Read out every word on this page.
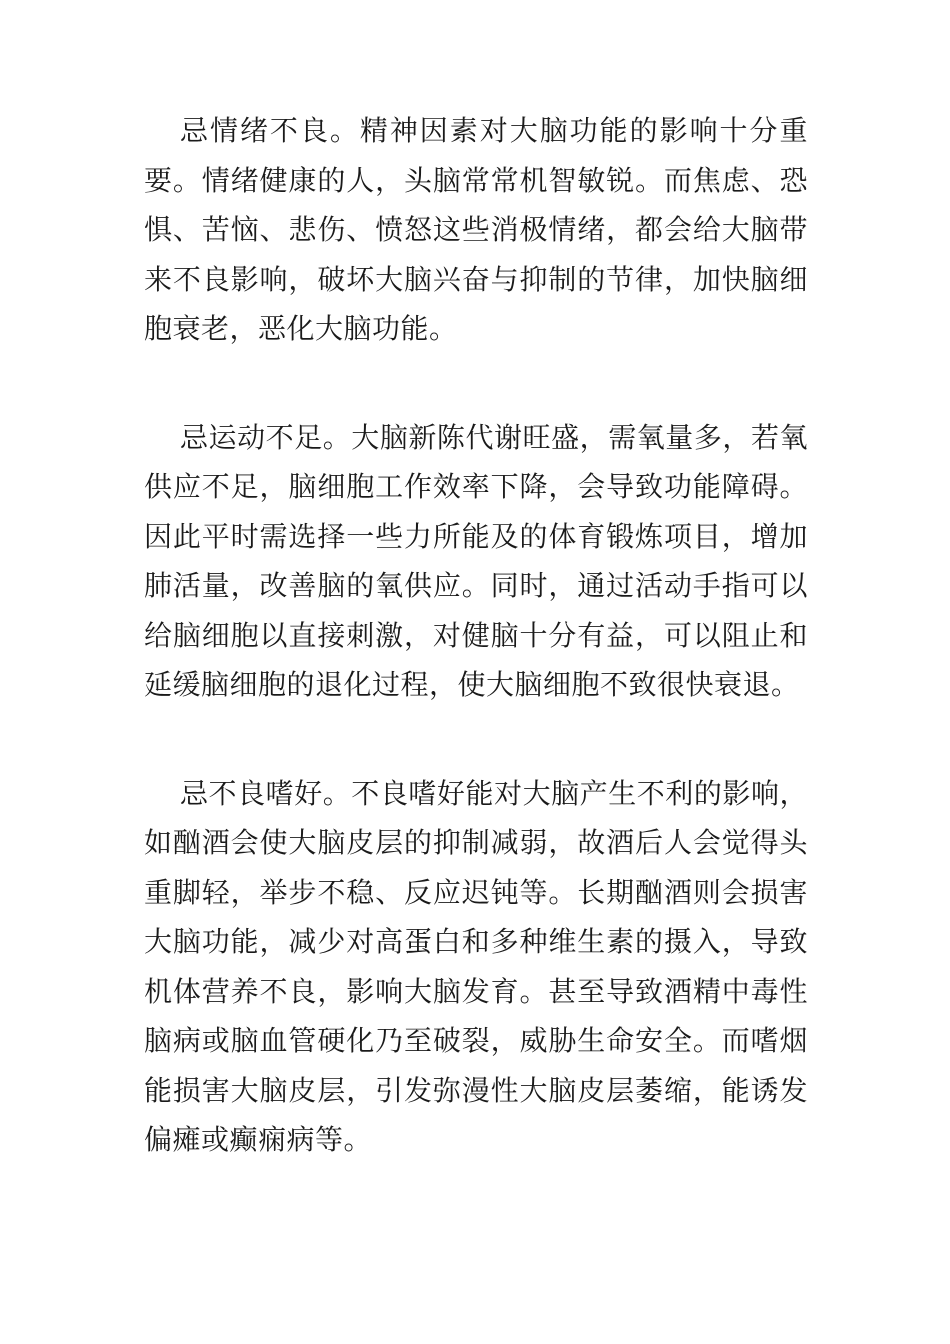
忌情绪不良。精神因素对大脑功能的影响十分重要。情绪健康的人，头脑常常机智敏锐。而焦虑、恐惧、苦恼、悲伤、愤怒这些消极情绪，都会给大脑带来不良影响，破坏大脑兴奋与抑制的节律，加快脑细胞衰老，恶化大脑功能。

忌运动不足。大脑新陈代谢旺盛，需氧量多，若氧供应不足，脑细胞工作效率下降，会导致功能障碍。因此平时需选择一些力所能及的体育锻炼项目，增加肺活量，改善脑的氧供应。同时，通过活动手指可以给脑细胞以直接刺激，对健脑十分有益，可以阻止和延缓脑细胞的退化过程，使大脑细胞不致很快衰退。

忌不良嗜好。不良嗜好能对大脑产生不利的影响，如酗酒会使大脑皮层的抑制减弱，故酒后人会觉得头重脚轻，举步不稳、反应迟钝等。长期酗酒则会损害大脑功能，减少对高蛋白和多种维生素的摄入，导致机体营养不良，影响大脑发育。甚至导致酒精中毒性脑病或脑血管硬化乃至破裂，威胁生命安全。而嗜烟能损害大脑皮层，引发弥漫性大脑皮层萎缩，能诱发偏瘫或癫痫病等。
